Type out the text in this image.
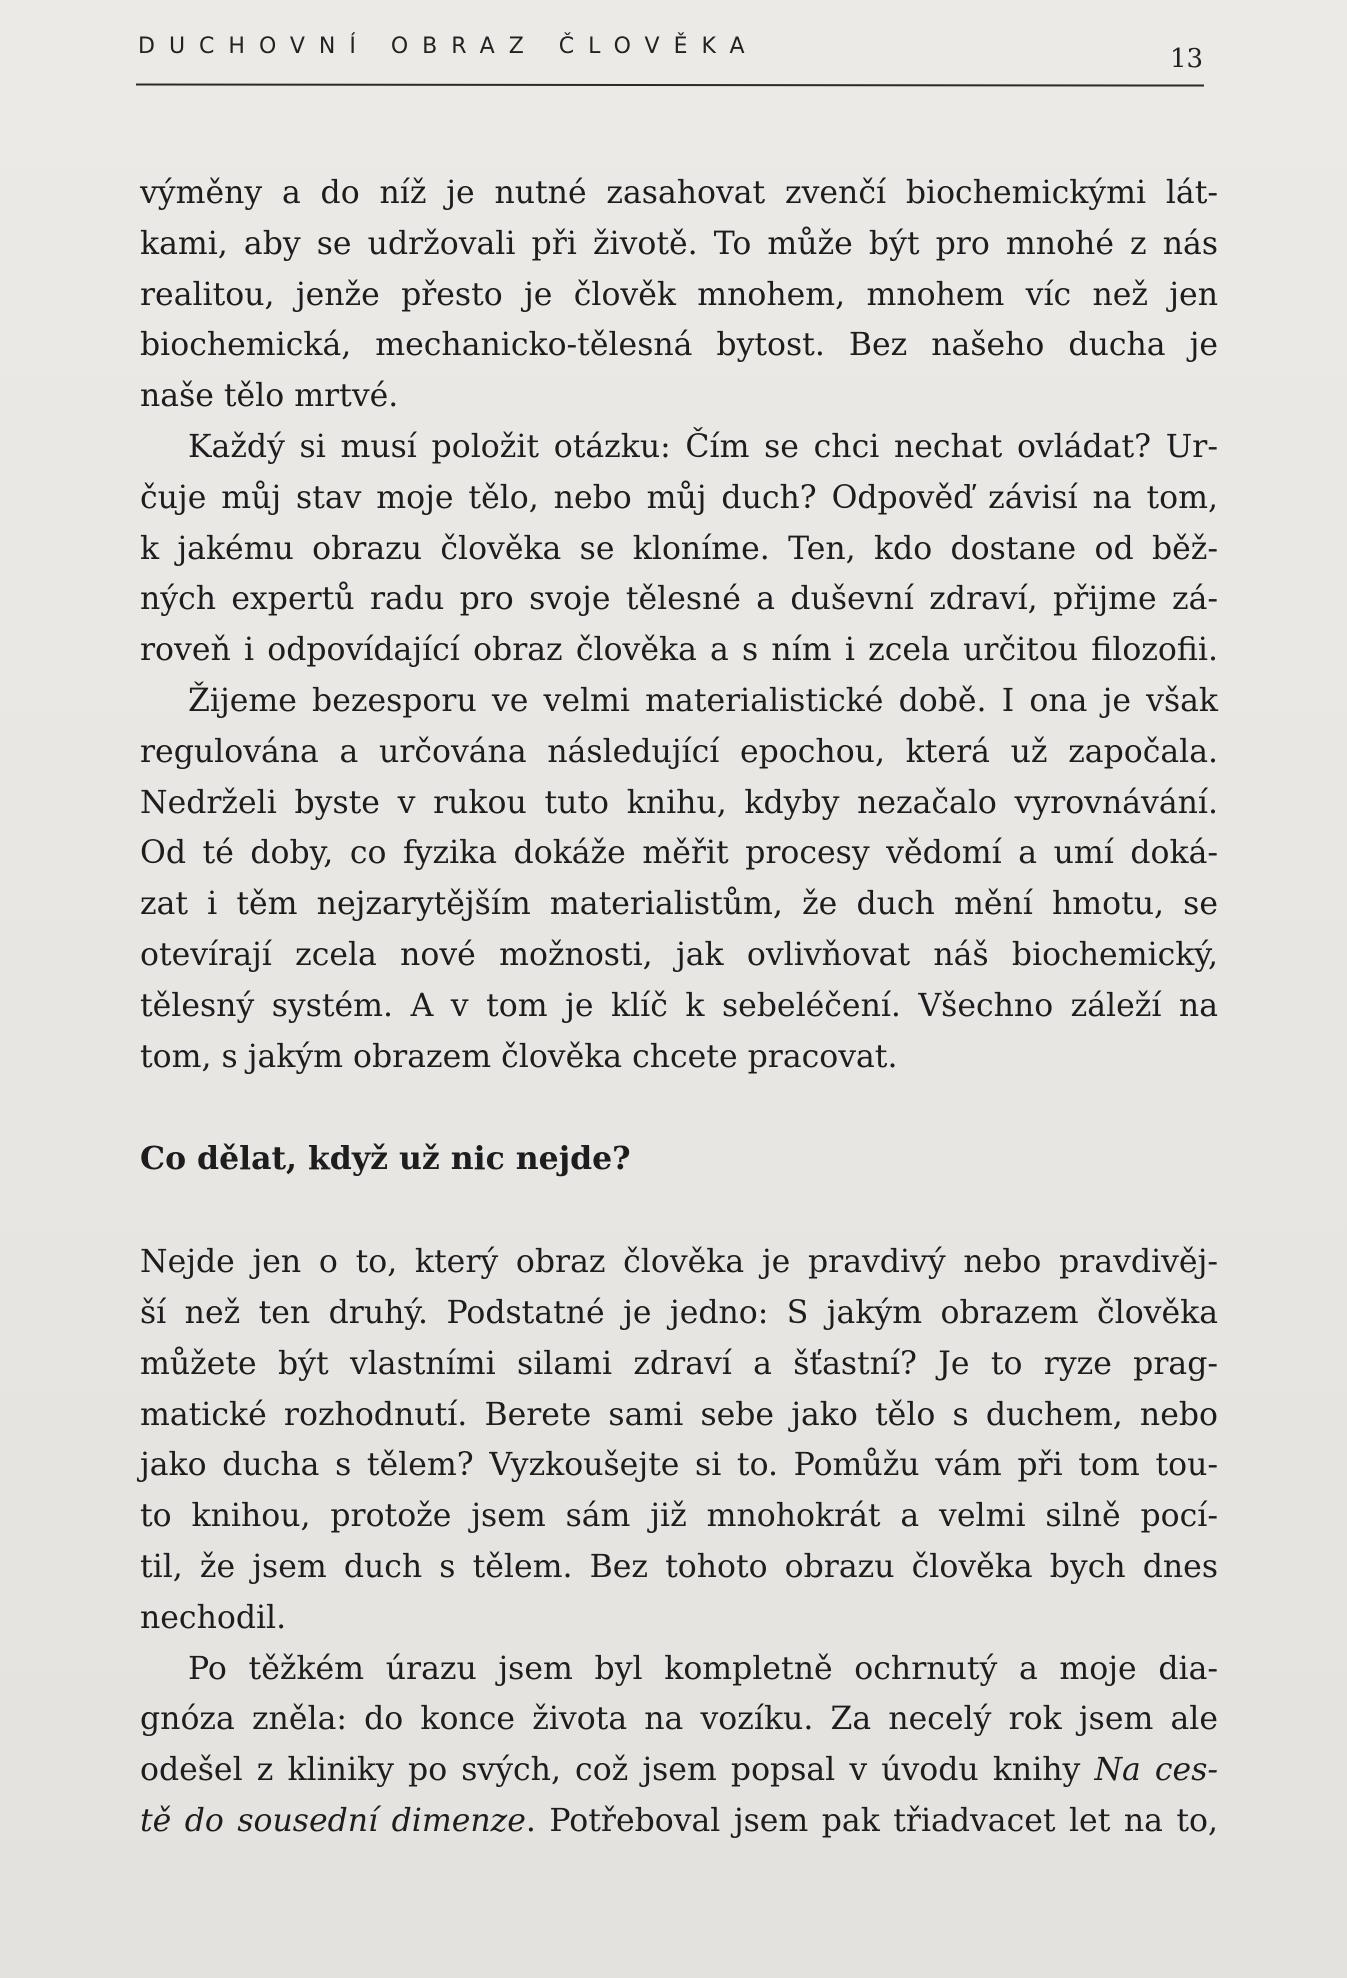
DUCHOVNÍ OBRAZ ČLOVĚKA	13
výměny a do níž je nutné zasahovat zvenčí biochemickými lát-
kami, aby se udržovali při životě. To může být pro mnohé z nás
realitou, jenže přesto je člověk mnohem, mnohem víc než jen
biochemická, mechanicko-tělesná bytost. Bez našeho ducha je
naše tělo mrtvé.
Každý si musí položit otázku: Čím se chci nechat ovládat? Ur-
čuje můj stav moje tělo, nebo můj duch? Odpověď závisí na tom,
k jakému obrazu člověka se kloníme. Ten, kdo dostane od běž-
ných expertů radu pro svoje tělesné a duševní zdraví, přijme zá-
roveň i odpovídající obraz člověka a s ním i zcela určitou filozofii.
Žijeme bezesporu ve velmi materialistické době. I ona je však
regulována a určována následující epochou, která už započala.
Nedrželi byste v rukou tuto knihu, kdyby nezačalo vyrovnávání.
Od té doby, co fyzika dokáže měřit procesy vědomí a umí doká-
zat i těm nejzarytějším materialistům, že duch mění hmotu, se
otevírají zcela nové možnosti, jak ovlivňovat náš biochemický,
tělesný systém. A v tom je klíč k sebeléčení. Všechno záleží na
tom, s jakým obrazem člověka chcete pracovat.
Co dělat, když už nic nejde?
Nejde jen o to, který obraz člověka je pravdivý nebo pravdivěj-
ší než ten druhý. Podstatné je jedno: S jakým obrazem člověka
můžete být vlastními silami zdraví a šťastní? Je to ryze prag-
matické rozhodnutí. Berete sami sebe jako tělo s duchem, nebo
jako ducha s tělem? Vyzkoušejte si to. Pomůžu vám při tom tou-
to knihou, protože jsem sám již mnohokrát a velmi silně pocí-
til, že jsem duch s tělem. Bez tohoto obrazu člověka bych dnes
nechodil.
Po těžkém úrazu jsem byl kompletně ochrnutý a moje dia-
gnóza zněla: do konce života na vozíku. Za necelý rok jsem ale
odešel z kliniky po svých, což jsem popsal v úvodu knihy Na ces-
tě do sousední dimenze. Potřeboval jsem pak třiadvacet let na to,
